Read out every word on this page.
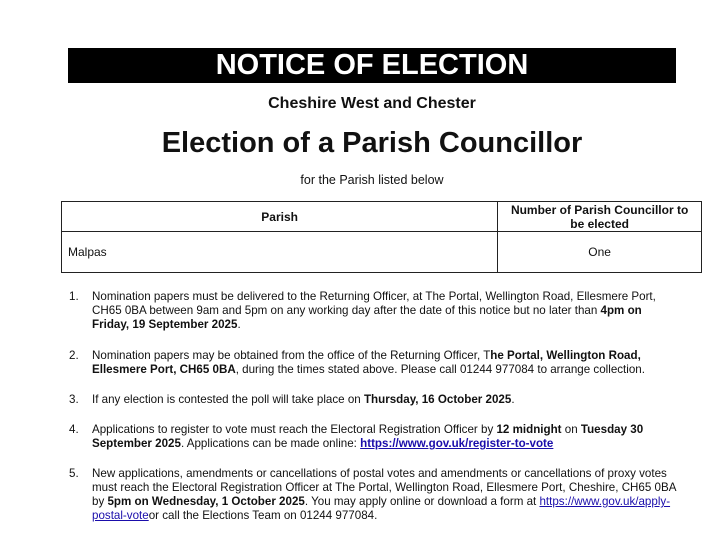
NOTICE OF ELECTION
Cheshire West and Chester
Election of a Parish Councillor
for the Parish listed below
Parish	Number of Parish Councillor to be elected
Malpas	One
1. Nomination papers must be delivered to the Returning Officer, at The Portal, Wellington Road, Ellesmere Port, CH65 0BA between 9am and 5pm on any working day after the date of this notice but no later than 4pm on Friday, 19 September 2025.
2. Nomination papers may be obtained from the office of the Returning Officer, The Portal, Wellington Road, Ellesmere Port, CH65 0BA, during the times stated above. Please call 01244 977084 to arrange collection.
3. If any election is contested the poll will take place on Thursday, 16 October 2025.
4. Applications to register to vote must reach the Electoral Registration Officer by 12 midnight on Tuesday 30 September 2025. Applications can be made online: https://www.gov.uk/register-to-vote
5. New applications, amendments or cancellations of postal votes and amendments or cancellations of proxy votes must reach the Electoral Registration Officer at The Portal, Wellington Road, Ellesmere Port, Cheshire, CH65 0BA by 5pm on Wednesday, 1 October 2025. You may apply online or download a form at https://www.gov.uk/apply-postal-voteor call the Elections Team on 01244 977084.
